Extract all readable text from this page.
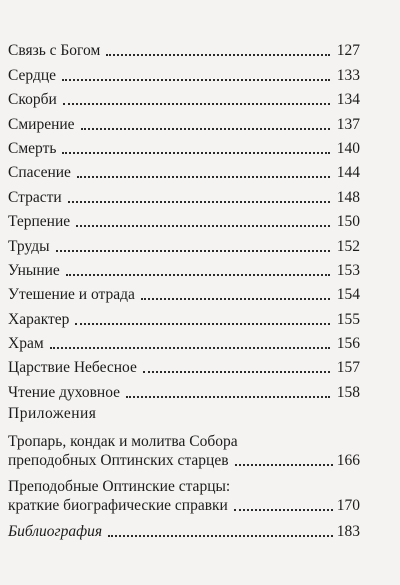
Связь с Богом	127
Сердце	133
Скорби	134
Смирение	137
Смерть	140
Спасение	144
Страсти	148
Терпение	150
Труды	152
Уныние	153
Утешение и отрада	154
Характер	155
Храм	156
Царствие Небесное	157
Чтение духовное	158
Приложения
Тропарь, кондак и молитва Собора
преподобных Оптинских старцев	166
Преподобные Оптинские старцы:
краткие биографические справки	170
Библиография	183
